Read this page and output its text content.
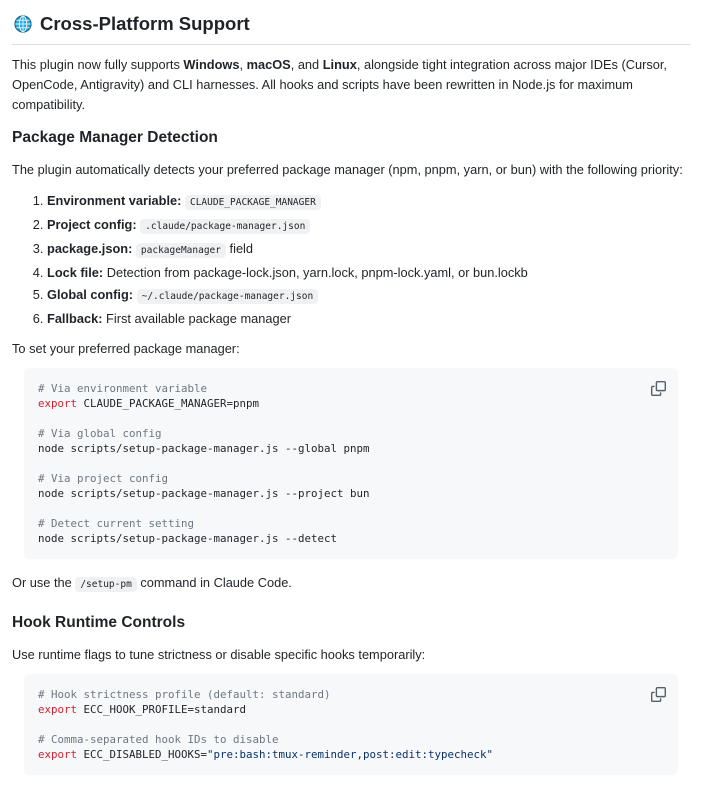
Cross-Platform Support

This plugin now fully supports Windows, macOS, and Linux, alongside tight integration across major IDEs (Cursor, OpenCode, Antigravity) and CLI harnesses. All hooks and scripts have been rewritten in Node.js for maximum compatibility.

Package Manager Detection

The plugin automatically detects your preferred package manager (npm, pnpm, yarn, or bun) with the following priority:

1. Environment variable: CLAUDE_PACKAGE_MANAGER
2. Project config: .claude/package-manager.json
3. package.json: packageManager field
4. Lock file: Detection from package-lock.json, yarn.lock, pnpm-lock.yaml, or bun.lockb
5. Global config: ~/.claude/package-manager.json
6. Fallback: First available package manager

To set your preferred package manager:

# Via environment variable
export CLAUDE_PACKAGE_MANAGER=pnpm

# Via global config
node scripts/setup-package-manager.js --global pnpm

# Via project config
node scripts/setup-package-manager.js --project bun

# Detect current setting
node scripts/setup-package-manager.js --detect

Or use the /setup-pm command in Claude Code.

Hook Runtime Controls

Use runtime flags to tune strictness or disable specific hooks temporarily:

# Hook strictness profile (default: standard)
export ECC_HOOK_PROFILE=standard

# Comma-separated hook IDs to disable
export ECC_DISABLED_HOOKS="pre:bash:tmux-reminder,post:edit:typecheck"
